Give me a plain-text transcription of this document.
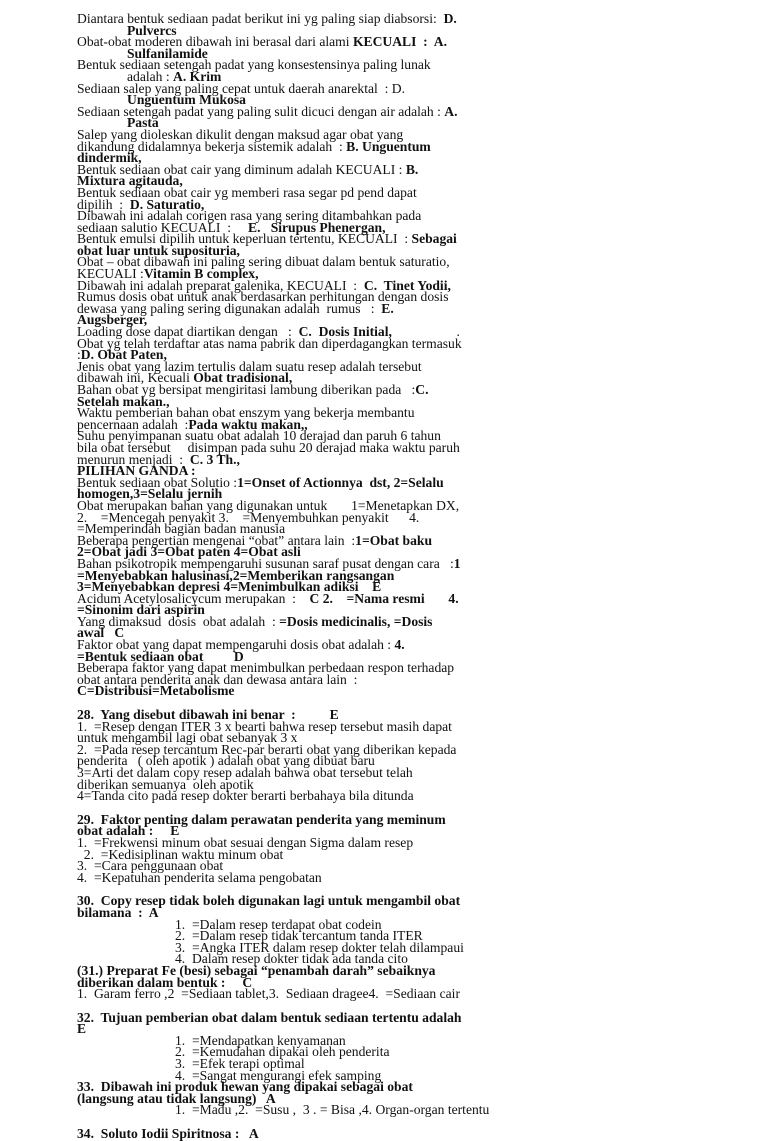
Diantara bentuk sediaan padat berikut ini yg paling siap diabsorsi:  D.
Pulvercs
Obat-obat moderen dibawah ini berasal dari alami KECUALI  :  A.
Sulfanilamide
Bentuk sediaan setengah padat yang konsestensinya paling lunak
adalah : A. Krim
Sediaan salep yang paling cepat untuk daerah anarektal  : D.
Unguentum Mukosa
Sediaan setengah padat yang paling sulit dicuci dengan air adalah : A.
Pasta
Salep yang dioleskan dikulit dengan maksud agar obat yang
dikandung didalamnya bekerja sistemik adalah  : B. Unguentum
dindermik,
Bentuk sediaan obat cair yang diminum adalah KECUALI : B.
Mixtura agitauda,
Bentuk sediaan obat cair yg memberi rasa segar pd pend dapat
dipilih  :  D. Saturatio,
Dibawah ini adalah corigen rasa yang sering ditambahkan pada
sediaan salutio KECUALI  :     E.   Sirupus Phenergan,
Bentuk emulsi dipilih untuk keperluan tertentu, KECUALI  : Sebagai
obat luar untuk suposituria,
Obat – obat dibawah ini paling sering dibuat dalam bentuk saturatio,
KECUALI :Vitamin B complex,
Dibawah ini adalah preparat galenika, KECUALI  :  C.  Tinet Yodii,
Rumus dosis obat untuk anak berdasarkan perhitungan dengan dosis
dewasa yang paling sering digunakan adalah  rumus   :  E.
Augsberger,
Loading dose dapat diartikan dengan   :  C.  Dosis Initial,                   .
Obat yg telah terdaftar atas nama pabrik dan diperdagangkan termasuk
:D. Obat Paten,
Jenis obat yang lazim tertulis dalam suatu resep adalah tersebut
dibawah ini, Kecuali Obat tradisional,
Bahan obat yg bersipat mengiritasi lambung diberikan pada   :C.
Setelah makan.,
Waktu pemberian bahan obat enszym yang bekerja membantu
pencernaan adalah  :Pada waktu makan,,
Suhu penyimpanan suatu obat adalah 10 derajad dan paruh 6 tahun
bila obat tersebut     disimpan pada suhu 20 derajad maka waktu paruh
menurun menjadi  :  C. 3 Th.,
PILIHAN GANDA :
Bentuk sediaan obat Solutio :1=Onset of Actionnya  dst, 2=Selalu
homogen,3=Selalu jernih
Obat merupakan bahan yang digunakan untuk       1=Menetapkan DX,
2.    =Mencegah penyakit 3.    =Menyembuhkan penyakit      4.
=Memperindah bagian badan manusia
Beberapa pengertian mengenai “obat” antara lain  :1=Obat baku
2=Obat jadi 3=Obat paten 4=Obat asli
Bahan psikotropik mempengaruhi susunan saraf pusat dengan cara   :1
=Menyebabkan halusinasi,2=Memberikan rangsangan
3=Menyebabkan depresi 4=Menimbulkan adiksi    E
Acidum Acetylosalicycum merupakan  :    C 2.    =Nama resmi       4.
=Sinonim dari aspirin
Yang dimaksud  dosis  obat adalah  : =Dosis medicinalis, =Dosis
awal   C
Faktor obat yang dapat mempengaruhi dosis obat adalah : 4.
=Bentuk sediaan obat         D
Beberapa faktor yang dapat menimbulkan perbedaan respon terhadap
obat antara penderita anak dan dewasa antara lain  :
C=Distribusi=Metabolisme
28.  Yang disebut dibawah ini benar  :          E
1.  =Resep dengan ITER 3 x bearti bahwa resep tersebut masih dapat
untuk mengambil lagi obat sebanyak 3 x
2.  =Pada resep tercantum Rec-par berarti obat yang diberikan kepada
penderita   ( oleh apotik ) adalah obat yang dibuat baru
3=Arti det dalam copy resep adalah bahwa obat tersebut telah
diberikan semuanya  oleh apotik
4=Tanda cito pada resep dokter berarti berbahaya bila ditunda
29.  Faktor penting dalam perawatan penderita yang meminum
obat adalah :     E
1.  =Frekwensi minum obat sesuai dengan Sigma dalam resep
2.  =Kedisiplinan waktu minum obat
3.  =Cara penggunaan obat
4.  =Kepatuhan penderita selama pengobatan
30.  Copy resep tidak boleh digunakan lagi untuk mengambil obat
bilamana  :  A
1.  =Dalam resep terdapat obat codein
2.  =Dalam resep tidak tercantum tanda ITER
3.  =Angka ITER dalam resep dokter telah dilampaui
4.  Dalam resep dokter tidak ada tanda cito
(31.) Preparat Fe (besi) sebagai “penambah darah” sebaiknya
diberikan dalam bentuk :     C
1.  Garam ferro ,2  =Sediaan tablet,3.  Sediaan dragee4.  =Sediaan cair
32.  Tujuan pemberian obat dalam bentuk sediaan tertentu adalah
E
1.  =Mendapatkan kenyamanan
2.  =Kemudahan dipakai oleh penderita
3.  =Efek terapi optimal
4.  =Sangat mengurangi efek samping
33.  Dibawah ini produk hewan yang dipakai sebagai obat
(langsung atau tidak langsung)   A
1.  =Madu ,2.  =Susu ,  3 . = Bisa ,4. Organ-organ tertentu
34.  Soluto Iodii Spiritnosa :   A
